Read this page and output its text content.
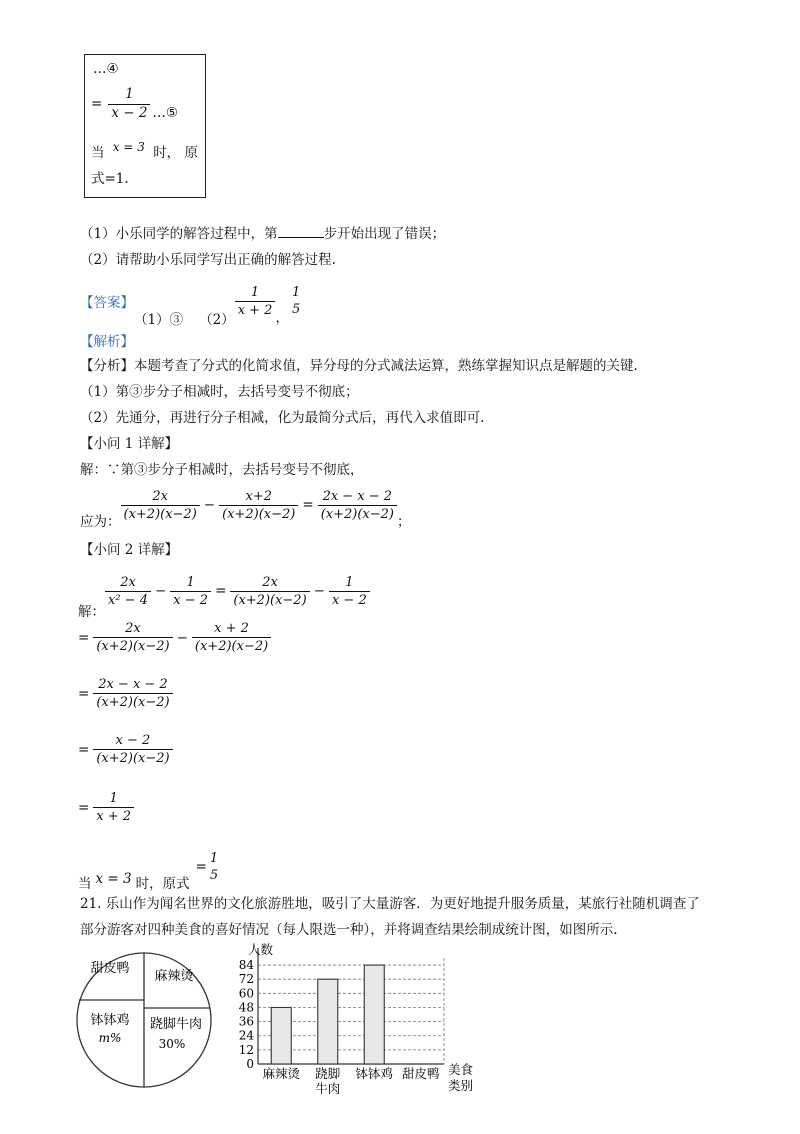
…④
= $\frac{1}{x - 2}$ …⑤
当 x = 3 时， 原
式=1.
（1）小乐同学的解答过程中，第	步开始出现了错误；
（2）请帮助小乐同学写出正确的解答过程.
【答案】
（1）③ （2）
$\frac{1}{x + 2}$
，
1
5
【解析】
【分析】本题考查了分式的化简求值，异分母的分式减法运算，熟练掌握知识点是解题的关键.
（1）第③步分子相减时，去括号变号不彻底；
（2）先通分，再进行分子相减，化为最简分式后，再代入求值即可.
【小问 1 详解】
解：∵第③步分子相减时，去括号变号不彻底，
应为：
$\frac{2x}{(x+2)(x-2)} - \frac{x+2}{(x+2)(x-2)} = \frac{2x - x - 2}{(x+2)(x-2)}$
；
【小问 2 详解】
解：
$\frac{2x}{\text{x² − 4}} - \frac{1}{x - 2} = \frac{2x}{(x+2)(x-2)} - \frac{1}{x - 2}$
= $\frac{2x}{(x+2)(x-2)} - \frac{x + 2}{(x+2)(x-2)}$
= $\frac{2x - x - 2}{(x+2)(x-2)}$
= $\frac{x - 2}{(x+2)(x-2)}$
= $\frac{1}{x + 2}$
当 x = 3 时，原式
=
1
5
21. 乐山作为闻名世界的文化旅游胜地，吸引了大量游客．为更好地提升服务质量，某旅行社随机调查了
部分游客对四种美食的喜好情况（每人限选一种），并将调查结果绘制成统计图，如图所示.
甜皮鸭
麻辣烫
跷脚牛肉
30%
钵钵鸡
m%
0
12
24
36
48
60
72
84
麻辣烫 跷脚
牛肉
钵钵鸡 甜皮鸭
人数
美食
类别
